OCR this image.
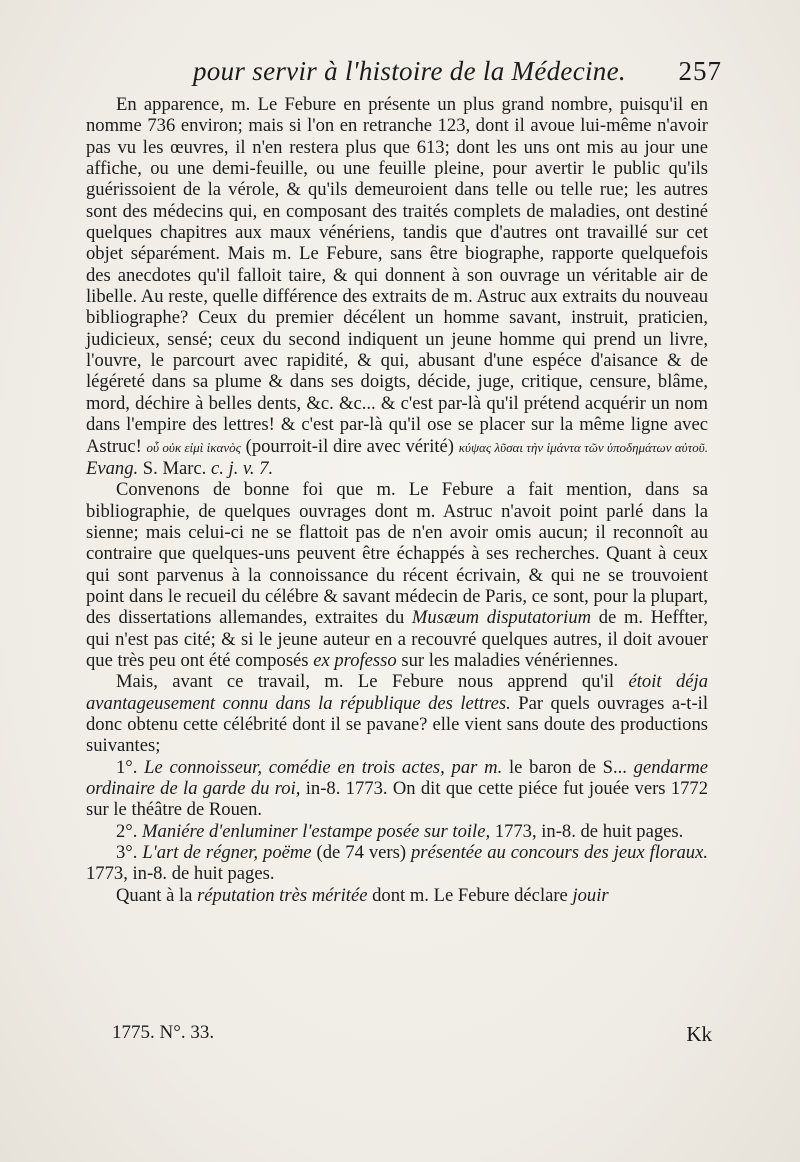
pour servir à l'histoire de la Médecine. 257

En apparence, m. Le Febure en présente un plus grand nombre, puisqu'il en nomme 736 environ; mais si l'on en retranche 123, dont il avoue lui-même n'avoir pas vu les œuvres, il n'en restera plus que 613; dont les uns ont mis au jour une affiche, ou une demi-feuille, ou une feuille pleine, pour avertir le public qu'ils guérissoient de la vérole, & qu'ils demeuroient dans telle ou telle rue; les autres sont des médecins qui, en composant des traités complets de maladies, ont destiné quelques chapitres aux maux vénériens, tandis que d'autres ont travaillé sur cet objet séparément. Mais m. Le Febure, sans être biographe, rapporte quelquefois des anecdotes qu'il falloit taire, & qui donnent à son ouvrage un véritable air de libelle. Au reste, quelle différence des extraits de m. Astruc aux extraits du nouveau bibliographe? Ceux du premier décélent un homme savant, instruit, praticien, judicieux, sensé; ceux du second indiquent un jeune homme qui prend un livre, l'ouvre, le parcourt avec rapidité, & qui, abusant d'une espéce d'aisance & de légéreté dans sa plume & dans ses doigts, décide, juge, critique, censure, blâme, mord, déchire à belles dents, &c. &c... & c'est par-là qu'il prétend acquérir un nom dans l'empire des lettres! & c'est par-là qu'il ose se placer sur la même ligne avec Astruc! οὗ οὐκ εἰμὶ ἱκανὸς (pourroit-il dire avec vérité) κύψας λῦσαι τὴν ἱμάντα τῶν ὑποδημάτων αὐτοῦ. Evang. S. Marc. c. j. v. 7.

Convenons de bonne foi que m. Le Febure a fait mention, dans sa bibliographie, de quelques ouvrages dont m. Astruc n'avoit point parlé dans la sienne; mais celui-ci ne se flattoit pas de n'en avoir omis aucun; il reconnoît au contraire que quelques-uns peuvent être échappés à ses recherches. Quant à ceux qui sont parvenus à la connoissance du récent écrivain, & qui ne se trouvoient point dans le recueil du célébre & savant médecin de Paris, ce sont, pour la plupart, des dissertations allemandes, extraites du Musæum disputatorium de m. Heffter, qui n'est pas cité; & si le jeune auteur en a recouvré quelques autres, il doit avouer que très peu ont été composés ex professo sur les maladies vénériennes.

Mais, avant ce travail, m. Le Febure nous apprend qu'il étoit déja avantageusement connu dans la république des lettres. Par quels ouvrages a-t-il donc obtenu cette célébrité dont il se pavane? elle vient sans doute des productions suivantes;

1°. Le connoisseur, comédie en trois actes, par m. le baron de S... gendarme ordinaire de la garde du roi, in-8. 1773. On dit que cette piéce fut jouée vers 1772 sur le théâtre de Rouen.

2°. Maniére d'enluminer l'estampe posée sur toile, 1773, in-8. de huit pages.

3°. L'art de régner, poëme (de 74 vers) présentée au concours des jeux floraux. 1773, in-8. de huit pages.

Quant à la réputation très méritée dont m. Le Febure déclare jouir

1775. N°. 33.	Kk
